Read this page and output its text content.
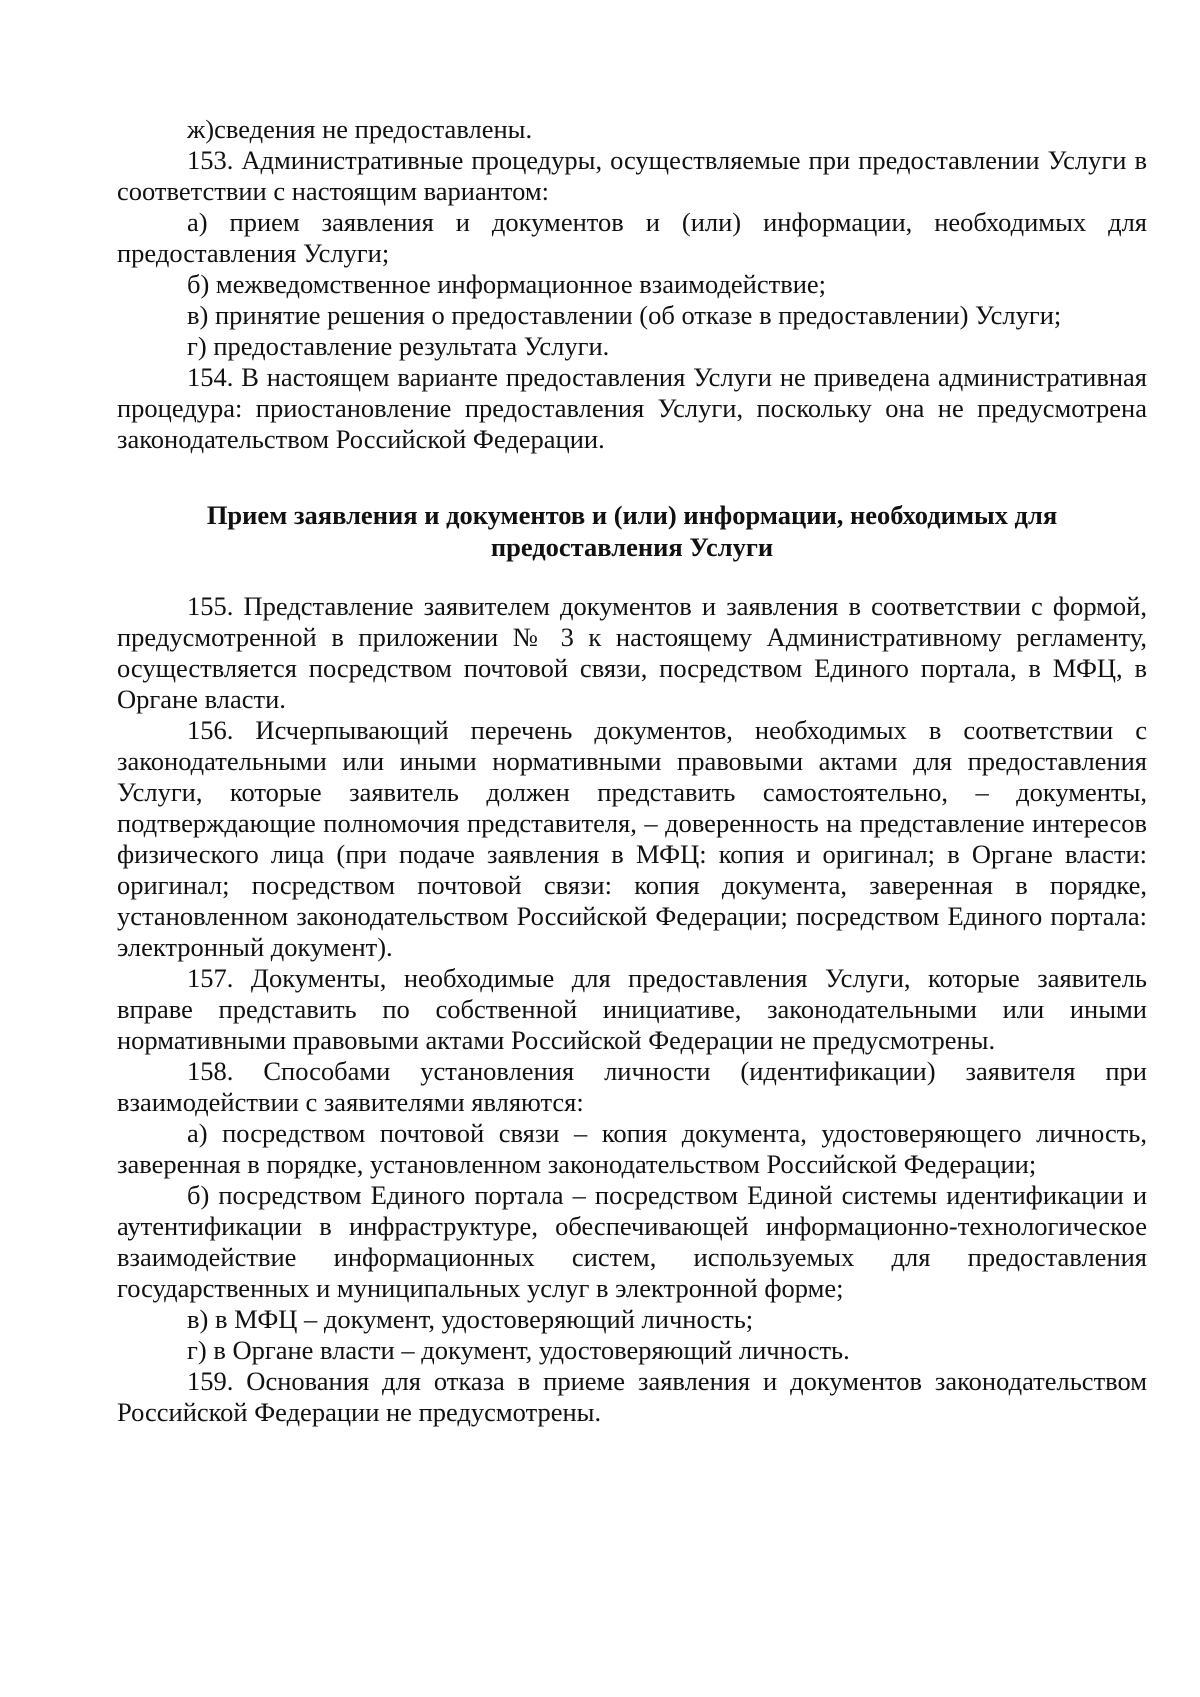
ж)сведения не предоставлены.

153. Административные процедуры, осуществляемые при предоставлении Услуги в соответствии с настоящим вариантом:

а) прием заявления и документов и (или) информации, необходимых для предоставления Услуги;

б) межведомственное информационное взаимодействие;

в) принятие решения о предоставлении (об отказе в предоставлении) Услуги;

г) предоставление результата Услуги.

154. В настоящем варианте предоставления Услуги не приведена административная процедура: приостановление предоставления Услуги, поскольку она не предусмотрена законодательством Российской Федерации.

Прием заявления и документов и (или) информации, необходимых для предоставления Услуги

155. Представление заявителем документов и заявления в соответствии с формой, предусмотренной в приложении № 3 к настоящему Административному регламенту, осуществляется посредством почтовой связи, посредством Единого портала, в МФЦ, в Органе власти.

156. Исчерпывающий перечень документов, необходимых в соответствии с законодательными или иными нормативными правовыми актами для предоставления Услуги, которые заявитель должен представить самостоятельно, – документы, подтверждающие полномочия представителя, – доверенность на представление интересов физического лица (при подаче заявления в МФЦ: копия и оригинал; в Органе власти: оригинал; посредством почтовой связи: копия документа, заверенная в порядке, установленном законодательством Российской Федерации; посредством Единого портала: электронный документ).

157. Документы, необходимые для предоставления Услуги, которые заявитель вправе представить по собственной инициативе, законодательными или иными нормативными правовыми актами Российской Федерации не предусмотрены.

158. Способами установления личности (идентификации) заявителя при взаимодействии с заявителями являются:

а) посредством почтовой связи – копия документа, удостоверяющего личность, заверенная в порядке, установленном законодательством Российской Федерации;

б) посредством Единого портала – посредством Единой системы идентификации и аутентификации в инфраструктуре, обеспечивающей информационно-технологическое взаимодействие информационных систем, используемых для предоставления государственных и муниципальных услуг в электронной форме;

в) в МФЦ – документ, удостоверяющий личность;

г) в Органе власти – документ, удостоверяющий личность.

159. Основания для отказа в приеме заявления и документов законодательством Российской Федерации не предусмотрены.
